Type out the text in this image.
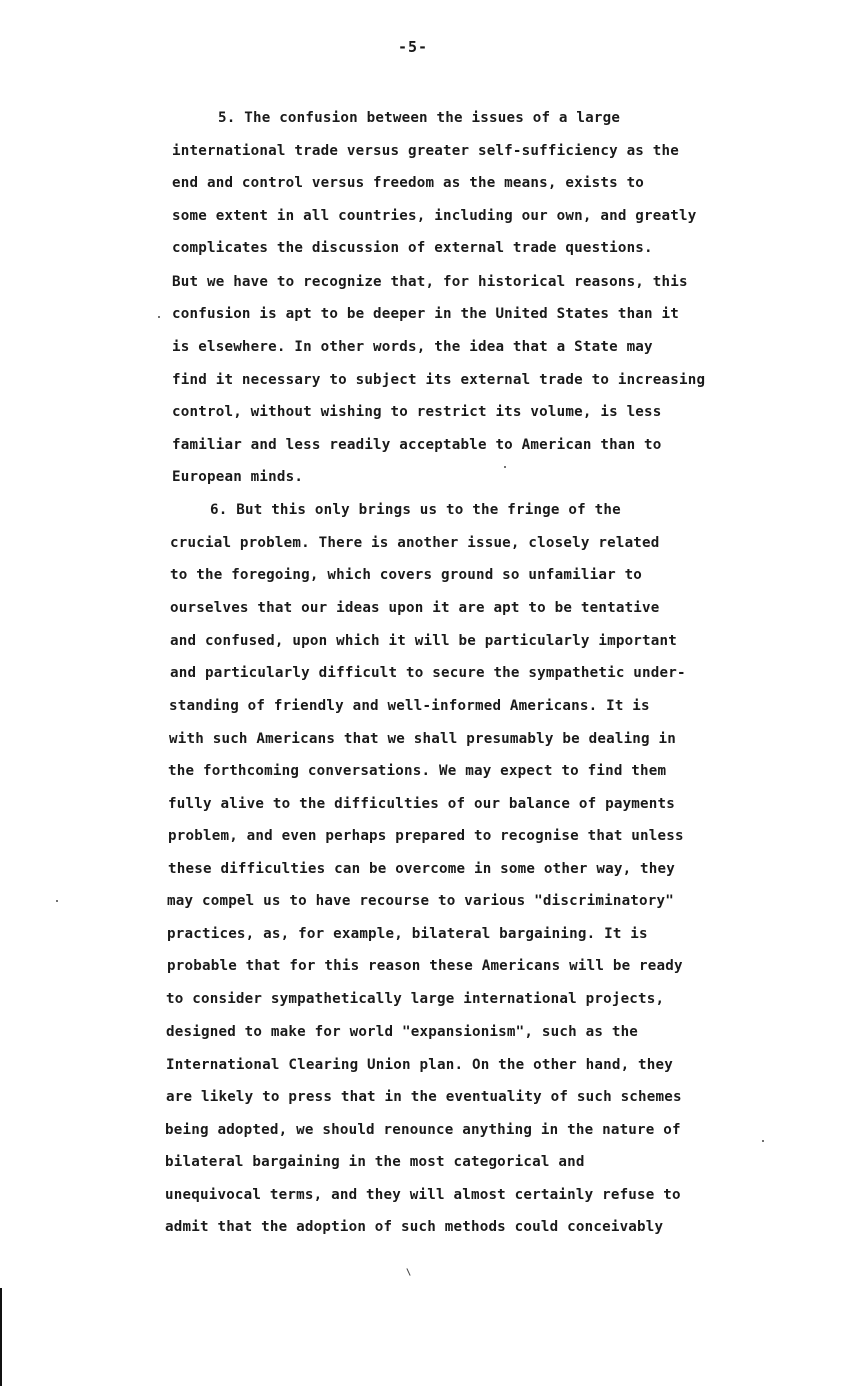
-5-
5. The confusion between the issues of a large
international trade versus greater self-sufficiency as the
end and control versus freedom as the means, exists to
some extent in all countries, including our own, and greatly
complicates the discussion of external trade questions.
But we have to recognize that, for historical reasons, this
confusion is apt to be deeper in the United States than it
is elsewhere. In other words, the idea that a State may
find it necessary to subject its external trade to increasing
control, without wishing to restrict its volume, is less
familiar and less readily acceptable to American than to
European minds.
6. But this only brings us to the fringe of the
crucial problem. There is another issue, closely related
to the foregoing, which covers ground so unfamiliar to
ourselves that our ideas upon it are apt to be tentative
and confused, upon which it will be particularly important
and particularly difficult to secure the sympathetic under-
standing of friendly and well-informed Americans. It is
with such Americans that we shall presumably be dealing in
the forthcoming conversations. We may expect to find them
fully alive to the difficulties of our balance of payments
problem, and even perhaps prepared to recognise that unless
these difficulties can be overcome in some other way, they
may compel us to have recourse to various "discriminatory"
practices, as, for example, bilateral bargaining. It is
probable that for this reason these Americans will be ready
to consider sympathetically large international projects,
designed to make for world "expansionism", such as the
International Clearing Union plan. On the other hand, they
are likely to press that in the eventuality of such schemes
being adopted, we should renounce anything in the nature of
bilateral bargaining in the most categorical and
unequivocal terms, and they will almost certainly refuse to
admit that the adoption of such methods could conceivably
